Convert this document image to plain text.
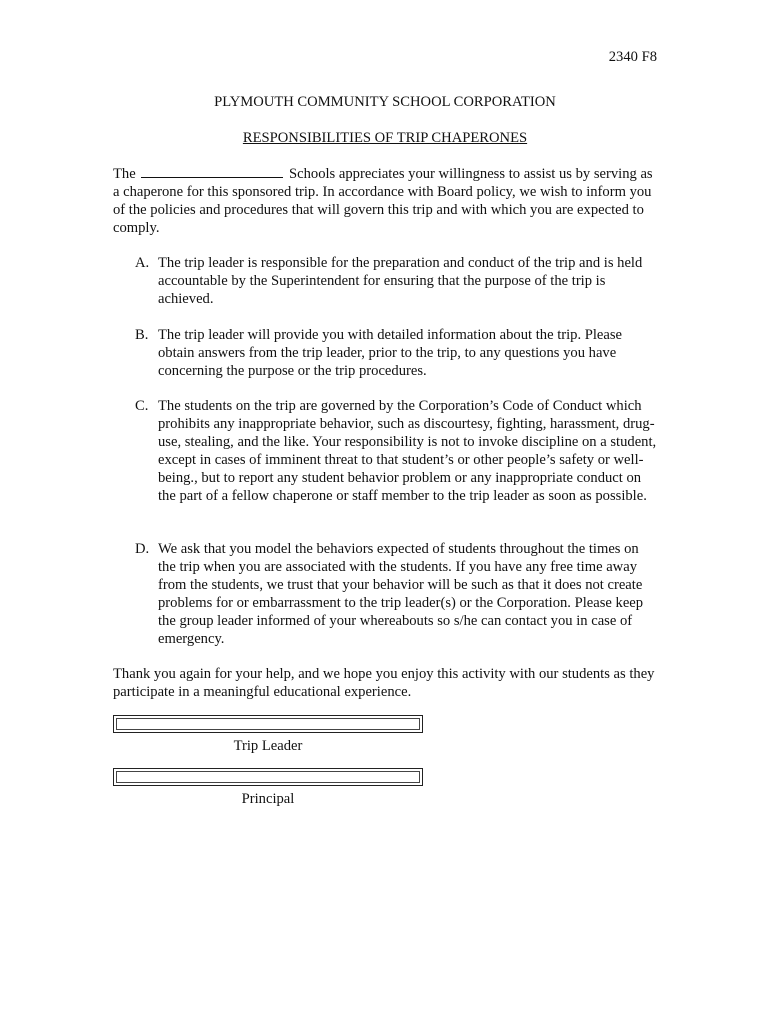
2340 F8
PLYMOUTH COMMUNITY SCHOOL CORPORATION
RESPONSIBILITIES OF TRIP CHAPERONES
The	Schools appreciates your willingness to assist us by serving as a chaperone for this sponsored trip. In accordance with Board policy, we wish to inform you of the policies and procedures that will govern this trip and with which you are expected to comply.
A. The trip leader is responsible for the preparation and conduct of the trip and is held accountable by the Superintendent for ensuring that the purpose of the trip is achieved.
B. The trip leader will provide you with detailed information about the trip. Please obtain answers from the trip leader, prior to the trip, to any questions you have concerning the purpose or the trip procedures.
C. The students on the trip are governed by the Corporation’s Code of Conduct which prohibits any inappropriate behavior, such as discourtesy, fighting, harassment, drug-use, stealing, and the like. Your responsibility is not to invoke discipline on a student, except in cases of imminent threat to that student’s or other people’s safety or well-being., but to report any student behavior problem or any inappropriate conduct on the part of a fellow chaperone or staff member to the trip leader as soon as possible.
D. We ask that you model the behaviors expected of students throughout the times on the trip when you are associated with the students. If you have any free time away from the students, we trust that your behavior will be such as that it does not create problems for or embarrassment to the trip leader(s) or the Corporation. Please keep the group leader informed of your whereabouts so s/he can contact you in case of emergency.
Thank you again for your help, and we hope you enjoy this activity with our students as they participate in a meaningful educational experience.
Trip Leader
Principal
